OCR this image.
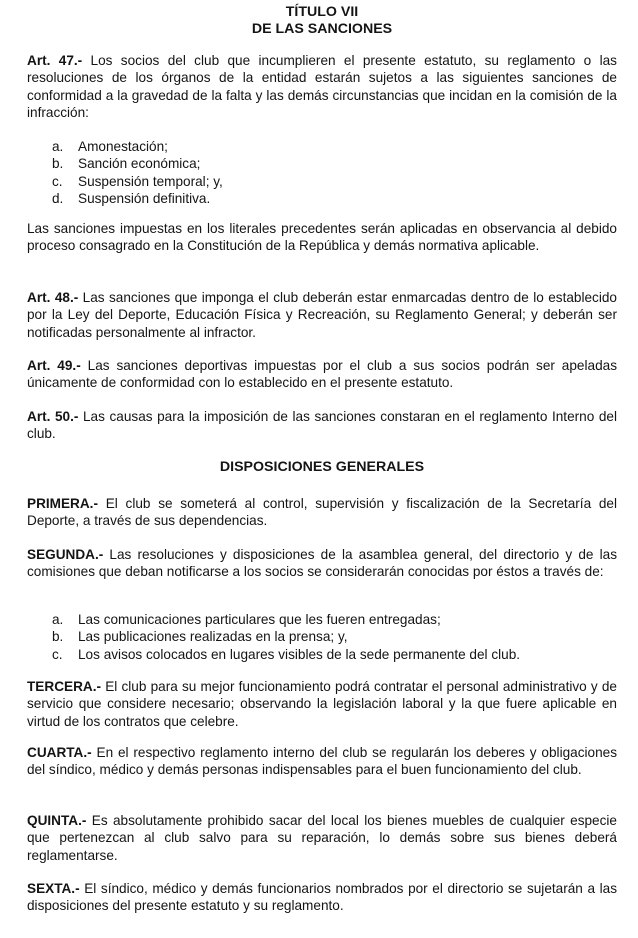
TÍTULO VII

DE LAS SANCIONES

Art. 47.- Los socios del club que incumplieren el presente estatuto, su reglamento o las resoluciones de los órganos de la entidad estarán sujetos a las siguientes sanciones de conformidad a la gravedad de la falta y las demás circunstancias que incidan en la comisión de la infracción:

a.	Amonestación;
b.	Sanción económica;
c.	Suspensión temporal; y,
d.	Suspensión definitiva.

Las sanciones impuestas en los literales precedentes serán aplicadas en observancia al debido proceso consagrado en la Constitución de la República y demás normativa aplicable.

Art. 48.- Las sanciones que imponga el club deberán estar enmarcadas dentro de lo establecido por la Ley del Deporte, Educación Física y Recreación, su Reglamento General; y deberán ser notificadas personalmente al infractor.

Art. 49.- Las sanciones deportivas impuestas por el club a sus socios podrán ser apeladas únicamente de conformidad con lo establecido en el presente estatuto.

Art. 50.- Las causas para la imposición de las sanciones constaran en el reglamento Interno del club.

DISPOSICIONES GENERALES

PRIMERA.- El club se someterá al control, supervisión y fiscalización de la Secretaría del Deporte, a través de sus dependencias.

SEGUNDA.- Las resoluciones y disposiciones de la asamblea general, del directorio y de las comisiones que deban notificarse a los socios se considerarán conocidas por éstos a través de:

a.	Las comunicaciones particulares que les fueren entregadas;
b.	Las publicaciones realizadas en la prensa; y,
c.	Los avisos colocados en lugares visibles de la sede permanente del club.

TERCERA.- El club para su mejor funcionamiento podrá contratar el personal administrativo y de servicio que considere necesario; observando la legislación laboral y la que fuere aplicable en virtud de los contratos que celebre.

CUARTA.- En el respectivo reglamento interno del club se regularán los deberes y obligaciones del síndico, médico y demás personas indispensables para el buen funcionamiento del club.

QUINTA.- Es absolutamente prohibido sacar del local los bienes muebles de cualquier especie que pertenezcan al club salvo para su reparación, lo demás sobre sus bienes deberá reglamentarse.

SEXTA.- El síndico, médico y demás funcionarios nombrados por el directorio se sujetarán a las disposiciones del presente estatuto y su reglamento.
